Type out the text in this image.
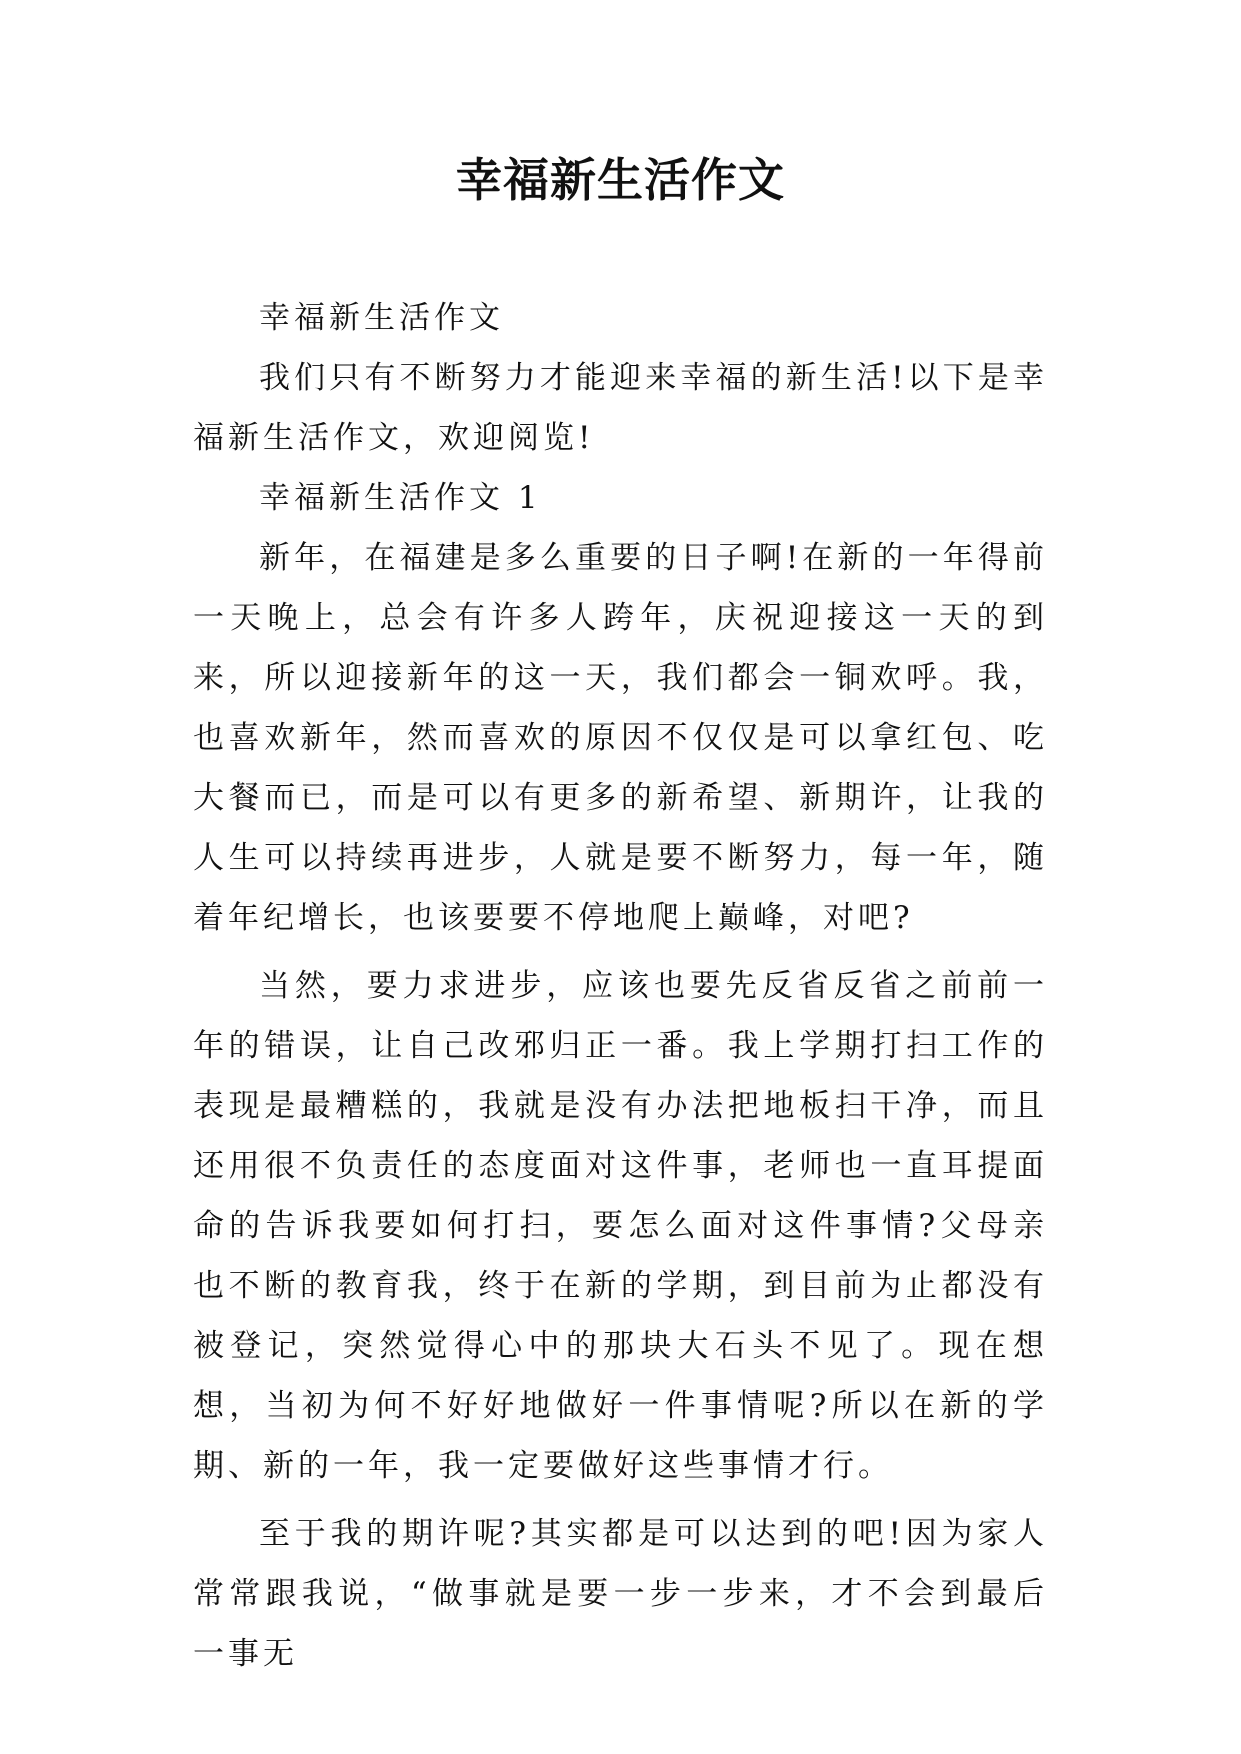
幸福新生活作文

幸福新生活作文

我们只有不断努力才能迎来幸福的新生活!以下是幸福新生活作文，欢迎阅览!

幸福新生活作文 1

新年，在福建是多么重要的日子啊!在新的一年得前一天晚上，总会有许多人跨年，庆祝迎接这一天的到来，所以迎接新年的这一天，我们都会一铜欢呼。我，也喜欢新年，然而喜欢的原因不仅仅是可以拿红包、吃大餐而已，而是可以有更多的新希望、新期许，让我的人生可以持续再进步，人就是要不断努力，每一年，随着年纪增长，也该要要不停地爬上巅峰，对吧?

当然，要力求进步，应该也要先反省反省之前前一年的错误，让自己改邪归正一番。我上学期打扫工作的表现是最糟糕的，我就是没有办法把地板扫干净，而且还用很不负责任的态度面对这件事，老师也一直耳提面命的告诉我要如何打扫，要怎么面对这件事情?父母亲也不断的教育我，终于在新的学期，到目前为止都没有被登记，突然觉得心中的那块大石头不见了。现在想想，当初为何不好好地做好一件事情呢?所以在新的学期、新的一年，我一定要做好这些事情才行。

至于我的期许呢?其实都是可以达到的吧!因为家人常常跟我说，“做事就是要一步一步来，才不会到最后一事无
